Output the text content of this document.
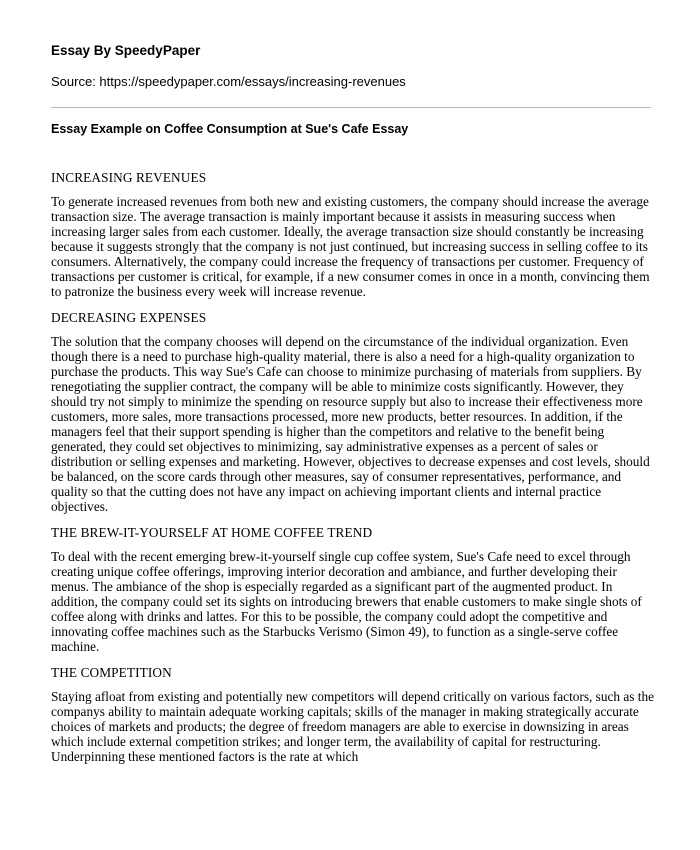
Essay By SpeedyPaper
Source: https://speedypaper.com/essays/increasing-revenues
Essay Example on Coffee Consumption at Sue's Cafe Essay
INCREASING REVENUES

To generate increased revenues from both new and existing customers, the company should increase the average transaction size. The average transaction is mainly important because it assists in measuring success when increasing larger sales from each customer. Ideally, the average transaction size should constantly be increasing because it suggests strongly that the company is not just continued, but increasing success in selling coffee to its consumers. Alternatively, the company could increase the frequency of transactions per customer. Frequency of transactions per customer is critical, for example, if a new consumer comes in once in a month, convincing them to patronize the business every week will increase revenue.

DECREASING EXPENSES

The solution that the company chooses will depend on the circumstance of the individual organization. Even though there is a need to purchase high-quality material, there is also a need for a high-quality organization to purchase the products. This way Sue's Cafe can choose to minimize purchasing of materials from suppliers. By renegotiating the supplier contract, the company will be able to minimize costs significantly. However, they should try not simply to minimize the spending on resource supply but also to increase their effectiveness more customers, more sales, more transactions processed, more new products, better resources. In addition, if the managers feel that their support spending is higher than the competitors and relative to the benefit being generated, they could set objectives to minimizing, say administrative expenses as a percent of sales or distribution or selling expenses and marketing. However, objectives to decrease expenses and cost levels, should be balanced, on the score cards through other measures, say of consumer representatives, performance, and quality so that the cutting does not have any impact on achieving important clients and internal practice objectives.

THE BREW-IT-YOURSELF AT HOME COFFEE TREND

To deal with the recent emerging brew-it-yourself single cup coffee system, Sue's Cafe need to excel through creating unique coffee offerings, improving interior decoration and ambiance, and further developing their menus. The ambiance of the shop is especially regarded as a significant part of the augmented product. In addition, the company could set its sights on introducing brewers that enable customers to make single shots of coffee along with drinks and lattes. For this to be possible, the company could adopt the competitive and innovating coffee machines such as the Starbucks Verismo (Simon 49), to function as a single-serve coffee machine.

THE COMPETITION

Staying afloat from existing and potentially new competitors will depend critically on various factors, such as the companys ability to maintain adequate working capitals; skills of the manager in making strategically accurate choices of markets and products; the degree of freedom managers are able to exercise in downsizing in areas which include external competition strikes; and longer term, the availability of capital for restructuring. Underpinning these mentioned factors is the rate at which
